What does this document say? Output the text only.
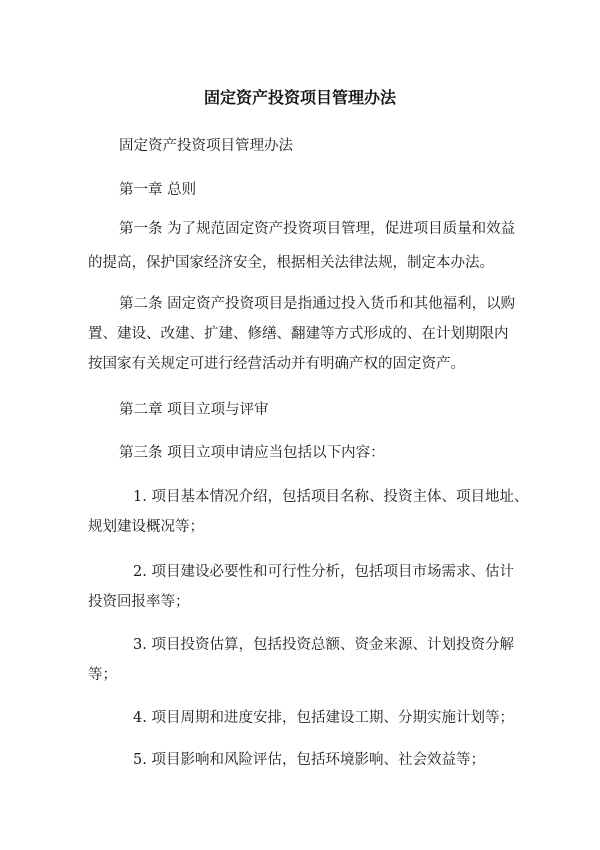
固定资产投资项目管理办法
固定资产投资项目管理办法
第一章 总则
第一条 为了规范固定资产投资项目管理，促进项目质量和效益
的提高，保护国家经济安全，根据相关法律法规，制定本办法。
第二条 固定资产投资项目是指通过投入货币和其他福利，以购
置、建设、改建、扩建、修缮、翻建等方式形成的、在计划期限内
按国家有关规定可进行经营活动并有明确产权的固定资产。
第二章 项目立项与评审
第三条 项目立项申请应当包括以下内容：
1. 项目基本情况介绍，包括项目名称、投资主体、项目地址、
规划建设概况等；
2. 项目建设必要性和可行性分析，包括项目市场需求、估计
投资回报率等；
3. 项目投资估算，包括投资总额、资金来源、计划投资分解
等；
4. 项目周期和进度安排，包括建设工期、分期实施计划等；
5. 项目影响和风险评估，包括环境影响、社会效益等；
